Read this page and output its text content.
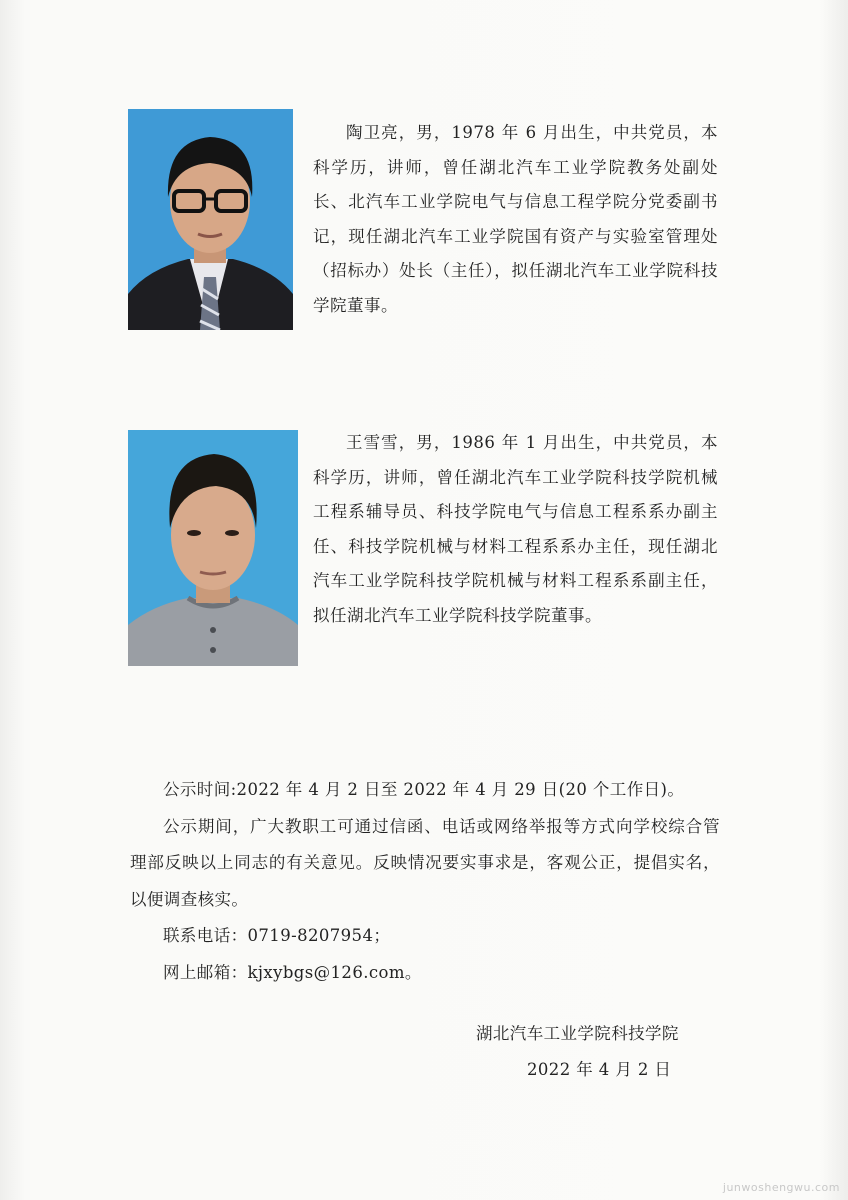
陶卫亮，男，1978 年 6 月出生，中共党员，本科学历，讲师，曾任湖北汽车工业学院教务处副处长、北汽车工业学院电气与信息工程学院分党委副书记，现任湖北汽车工业学院国有资产与实验室管理处（招标办）处长（主任），拟任湖北汽车工业学院科技学院董事。
王雪雪，男，1986 年 1 月出生，中共党员，本科学历，讲师，曾任湖北汽车工业学院科技学院机械工程系辅导员、科技学院电气与信息工程系系办副主任、科技学院机械与材料工程系系办主任，现任湖北汽车工业学院科技学院机械与材料工程系系副主任，拟任湖北汽车工业学院科技学院董事。

公示时间:2022 年 4 月 2 日至 2022 年 4 月 29 日(20 个工作日)。

公示期间，广大教职工可通过信函、电话或网络举报等方式向学校综合管理部反映以上同志的有关意见。反映情况要实事求是，客观公正，提倡实名，以便调查核实。

联系电话：0719-8207954；

网上邮箱：kjxybgs@126.com。

湖北汽车工业学院科技学院
2022 年 4 月 2 日
junwoshengwu.com
